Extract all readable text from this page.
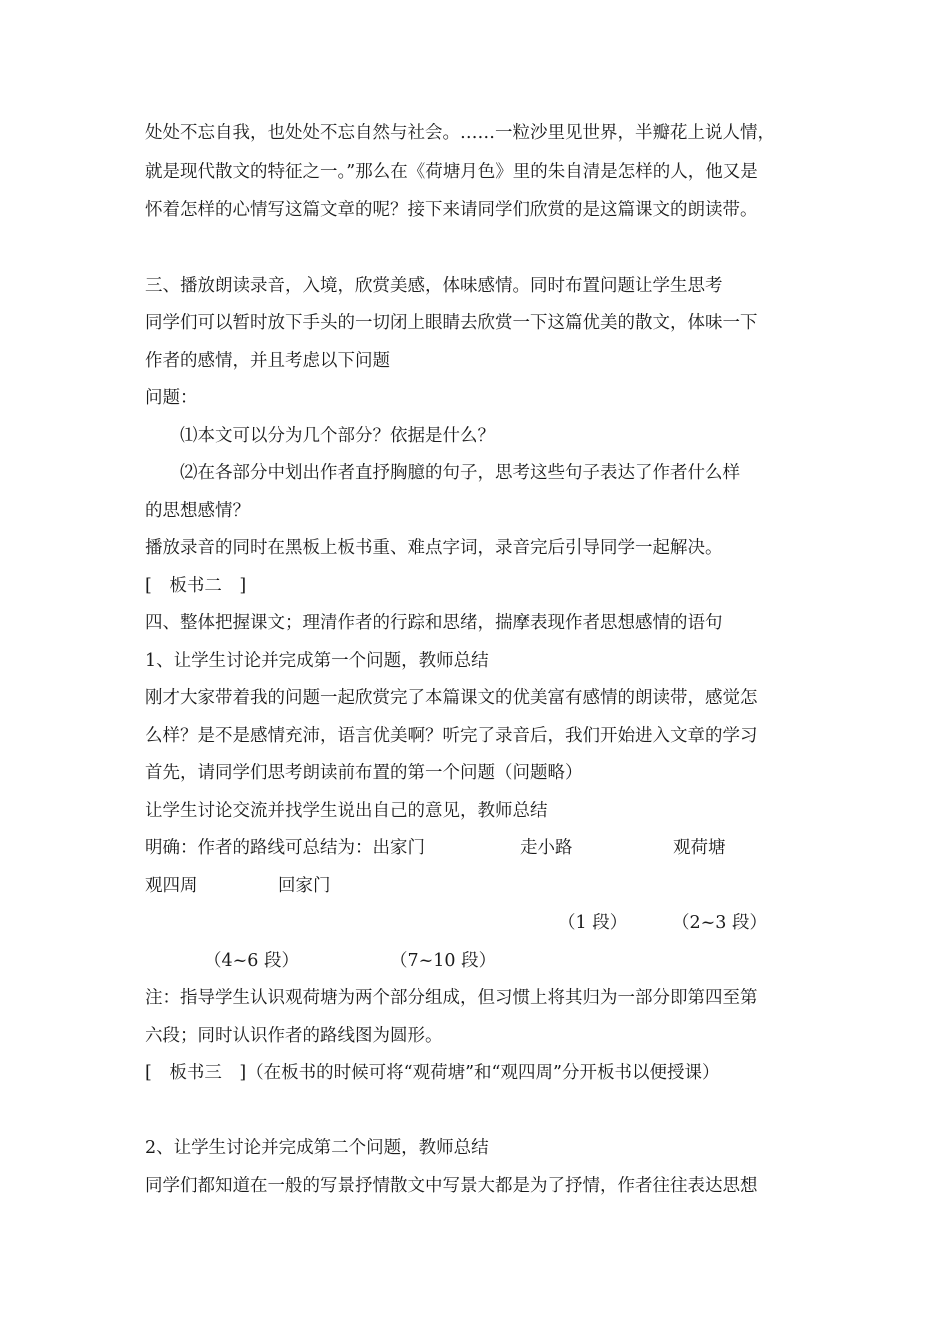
处处不忘自我，也处处不忘自然与社会。……一粒沙里见世界，半瓣花上说人情，
就是现代散文的特征之一。”那么在《荷塘月色》里的朱自清是怎样的人，他又是
怀着怎样的心情写这篇文章的呢？接下来请同学们欣赏的是这篇课文的朗读带。
三、播放朗读录音，入境，欣赏美感，体味感情。同时布置问题让学生思考
同学们可以暂时放下手头的一切闭上眼睛去欣赏一下这篇优美的散文，体味一下
作者的感情，并且考虑以下问题
问题：
⑴本文可以分为几个部分？依据是什么？
⑵在各部分中划出作者直抒胸臆的句子，思考这些句子表达了作者什么样
的思想感情？
播放录音的同时在黑板上板书重、难点字词，录音完后引导同学一起解决。
[　板书二　]
四、整体把握课文；理清作者的行踪和思绪，揣摩表现作者思想感情的语句
1、让学生讨论并完成第一个问题，教师总结
刚才大家带着我的问题一起欣赏完了本篇课文的优美富有感情的朗读带，感觉怎
么样？是不是感情充沛，语言优美啊？听完了录音后，我们开始进入文章的学习
首先，请同学们思考朗读前布置的第一个问题（问题略）
让学生讨论交流并找学生说出自己的意见，教师总结
明确：作者的路线可总结为：出家门	走小路	观荷塘
观四周	回家门
（1 段）	（2~3 段）
（4~6 段）	（7~10 段）
注：指导学生认识观荷塘为两个部分组成，但习惯上将其归为一部分即第四至第
六段；同时认识作者的路线图为圆形。
[　板书三　]（在板书的时候可将“观荷塘”和“观四周”分开板书以便授课）
2、让学生讨论并完成第二个问题，教师总结
同学们都知道在一般的写景抒情散文中写景大都是为了抒情，作者往往表达思想
